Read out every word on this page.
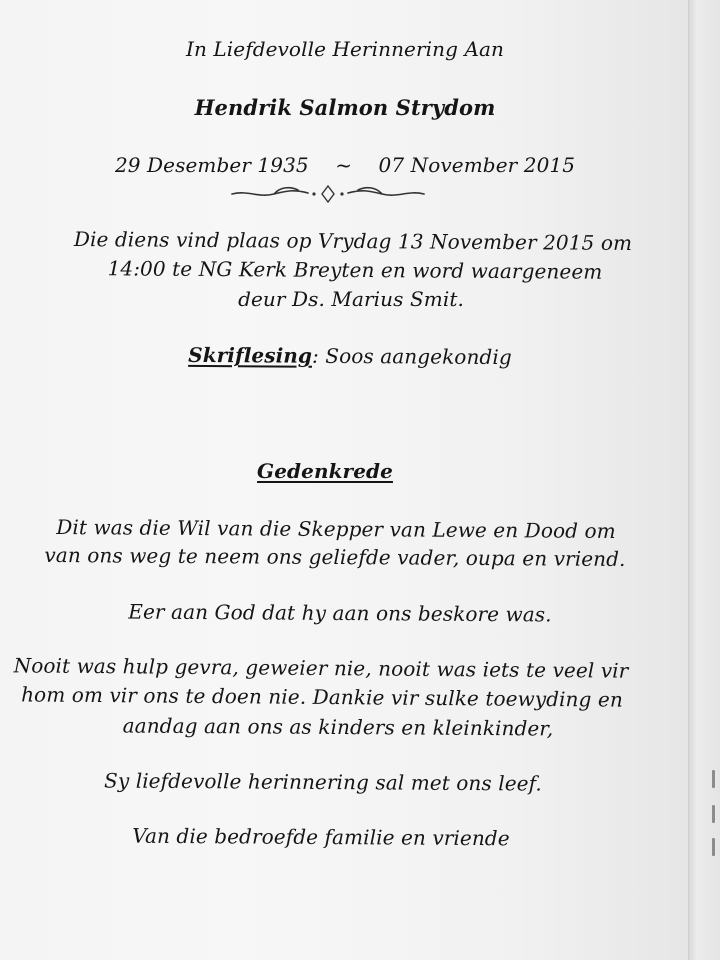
In Liefdevolle Herinnering Aan
Hendrik Salmon Strydom
29 Desember 1935 ~ 07 November 2015
Die diens vind plaas op Vrydag 13 November 2015 om
14:00 te NG Kerk Breyten en word waargeneem
deur Ds. Marius Smit.
Skriflesing: Soos aangekondig
Gedenkrede
Dit was die Wil van die Skepper van Lewe en Dood om
van ons weg te neem ons geliefde vader, oupa en vriend.
Eer aan God dat hy aan ons beskore was.
Nooit was hulp gevra, geweier nie, nooit was iets te veel vir
hom om vir ons te doen nie. Dankie vir sulke toewyding en
aandag aan ons as kinders en kleinkinder,
Sy liefdevolle herinnering sal met ons leef.
Van die bedroefde familie en vriende
